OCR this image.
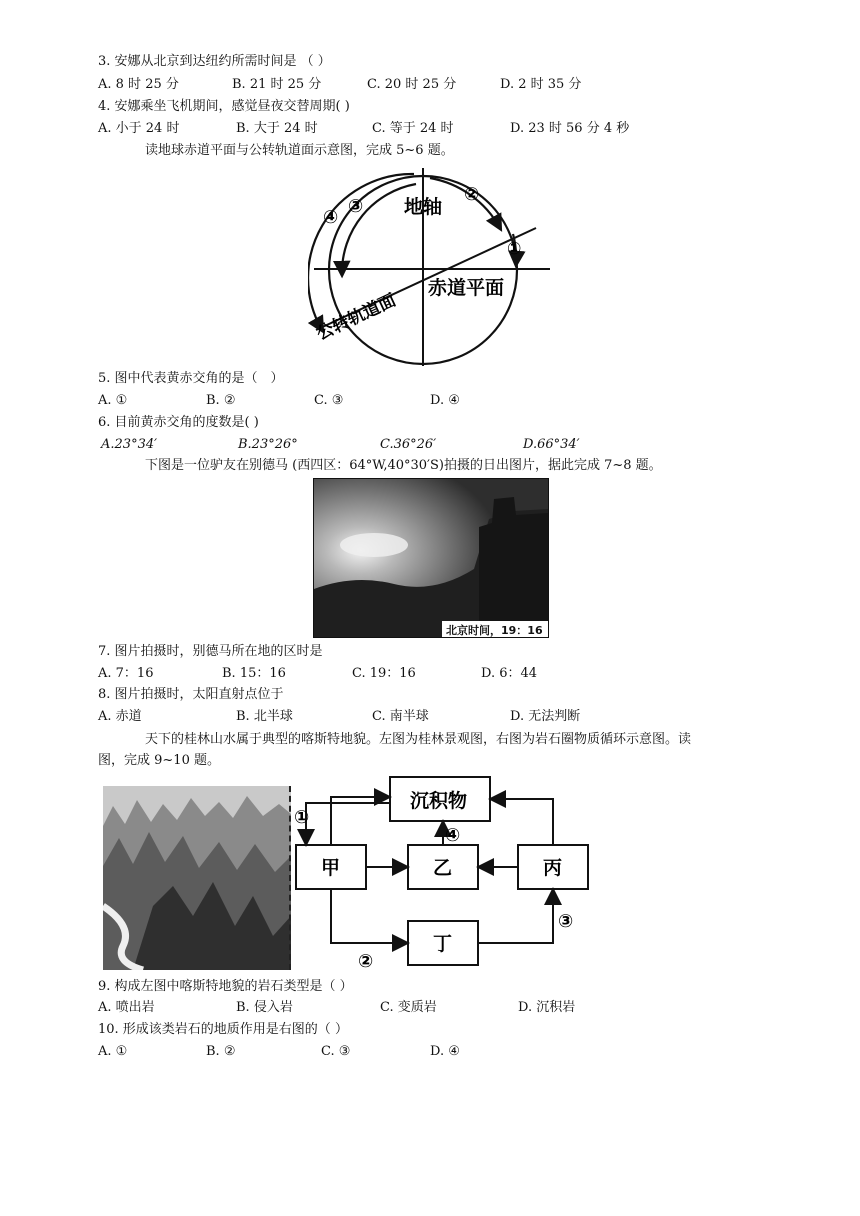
3. 安娜从北京到达纽约所需时间是 （ ）
A. 8 时 25 分	B. 21 时 25 分	C. 20 时 25 分	D. 2 时 35 分
4. 安娜乘坐飞机期间，感觉昼夜交替周期( )
A. 小于 24 时	B. 大于 24 时	C. 等于 24 时	D. 23 时 56 分 4 秒
读地球赤道平面与公转轨道面示意图，完成 5~6 题。
①
②
③
④	地轴
赤道平面
公转轨道面
5. 图中代表黄赤交角的是（　）
A. ①	B. ②	C. ③	D. ④
6. 目前黄赤交角的度数是( )
A.23°34′	B.23°26°	C.36°26′	D.66°34′
下图是一位驴友在别德马 (西四区：64°W,40°30′S)拍摄的日出图片，据此完成 7~8 题。
北京时间，19：16
7. 图片拍摄时，别德马所在地的区时是
A. 7：16	B. 15：16	C. 19：16	D. 6：44
8. 图片拍摄时，太阳直射点位于
A. 赤道	B. 北半球	C. 南半球	D. 无法判断
天下的桂林山水属于典型的喀斯特地貌。左图为桂林景观图，右图为岩石圈物质循环示意图。读
图，完成 9~10 题。
沉积物
甲	乙	丙
丁
①
②
③
④
9. 构成左图中喀斯特地貌的岩石类型是（ ）
A. 喷出岩	B. 侵入岩	C. 变质岩	D. 沉积岩
10. 形成该类岩石的地质作用是右图的（ ）
A. ①	B. ②	C. ③	D. ④
